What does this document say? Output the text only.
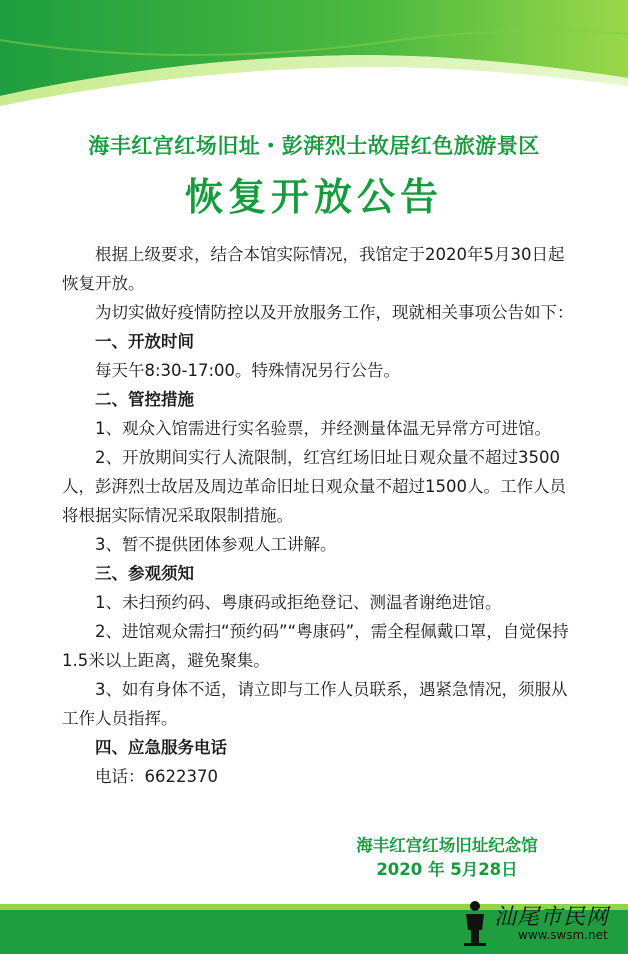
海丰红宫红场旧址・彭湃烈士故居红色旅游景区
恢复开放公告

根据上级要求，结合本馆实际情况，我馆定于2020年5月30日起恢复开放。

为切实做好疫情防控以及开放服务工作，现就相关事项公告如下：

一、开放时间

每天午8:30-17:00。特殊情况另行公告。

二、管控措施

1、观众入馆需进行实名验票，并经测量体温无异常方可进馆。

2、开放期间实行人流限制，红宫红场旧址日观众量不超过3500人，彭湃烈士故居及周边革命旧址日观众量不超过1500人。工作人员将根据实际情况采取限制措施。

3、暂不提供团体参观人工讲解。

三、参观须知

1、未扫预约码、粤康码或拒绝登记、测温者谢绝进馆。

2、进馆观众需扫“预约码”“粤康码”，需全程佩戴口罩，自觉保持1.5米以上距离，避免聚集。

3、如有身体不适，请立即与工作人员联系，遇紧急情况，须服从工作人员指挥。

四、应急服务电话

电话：6622370

海丰红宫红场旧址纪念馆
2020 年 5月28日
汕尾市民网
www.swsm.net
